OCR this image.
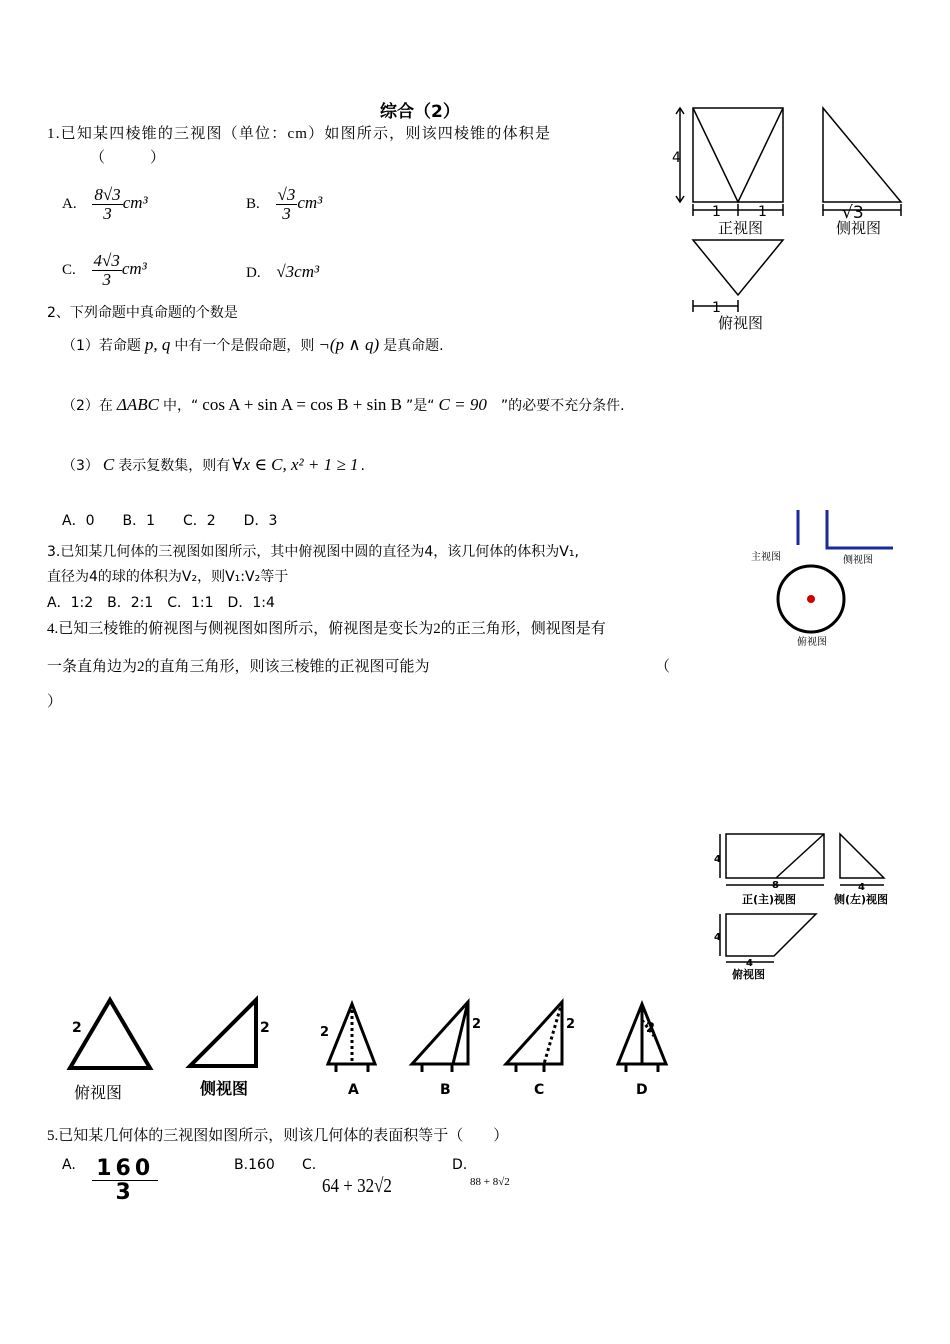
综合（2）
1.已知某四棱锥的三视图（单位：cm）如图所示，则该四棱锥的体积是
（　　　）
A. $\frac{8√3}{3} cm^3$	B. $\frac{√3}{3} cm^3$
C. $\frac{4√3}{3} cm^3$	D. √3cm³
4
1	1
正视图
√3
侧视图
1
俯视图
2、下列命题中真命题的个数是
（1）若命题 p, q 中有一个是假命题，则 ¬(p ∧ q) 是真命题.
（2）在 ΔABC 中，“ cos A + sin A = cos B + sin B ”是“ C = 90 ”的必要不充分条件.
（3） C 表示复数集，则有 ∀x ∈ C, x² + 1 ≥ 1 .
A．0　　B．1　　C．2　　D．3
3.已知某几何体的三视图如图所示，其中俯视图中圆的直径为4，该几何体的体积为V₁,
直径为4的球的体积为V₂，则V₁:V₂等于
A．1:2　B．2:1　C．1:1　D．1:4
主视图	侧视图
俯视图
4.已知三棱锥的俯视图与侧视图如图所示，俯视图是变长为2的正三角形，侧视图是有
一条直角边为2的直角三角形，则该三棱锥的正视图可能为	（
）
4
8
正(主)视图
4
侧(左)视图
4
4
俯视图
2
俯视图
2
侧视图
2
A
2
B
2
C
2
D
5.已知某几何体的三视图如图所示，则该几何体的表面积等于（　　）
A. $\frac{160}{3}$	B.160 C.
64 + 32√2
D.
88 + 8√2
